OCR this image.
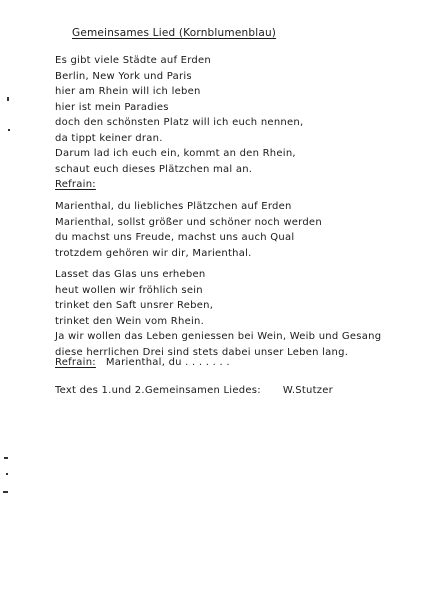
Gemeinsames Lied (Kornblumenblau)
Es gibt viele Städte auf Erden
Berlin, New York und Paris
hier am Rhein will ich leben
hier ist mein Paradies
doch den schönsten Platz will ich euch nennen,
da tippt keiner dran.
Darum lad ich euch ein, kommt an den Rhein,
schaut euch dieses Plätzchen mal an.
Refrain:
Marienthal, du liebliches Plätzchen auf Erden
Marienthal, sollst größer und schöner noch werden
du machst uns Freude, machst uns auch Qual
trotzdem gehören wir dir, Marienthal.
Lasset das Glas uns erheben
heut wollen wir fröhlich sein
trinket den Saft unsrer Reben,
trinket den Wein vom Rhein.
Ja wir wollen das Leben geniessen bei Wein, Weib und Gesang
diese herrlichen Drei sind stets dabei unser Leben lang.
Refrain: Marienthal, du . . . . . . .
Text des 1.und 2.Gemeinsamen Liedes: W.Stutzer
